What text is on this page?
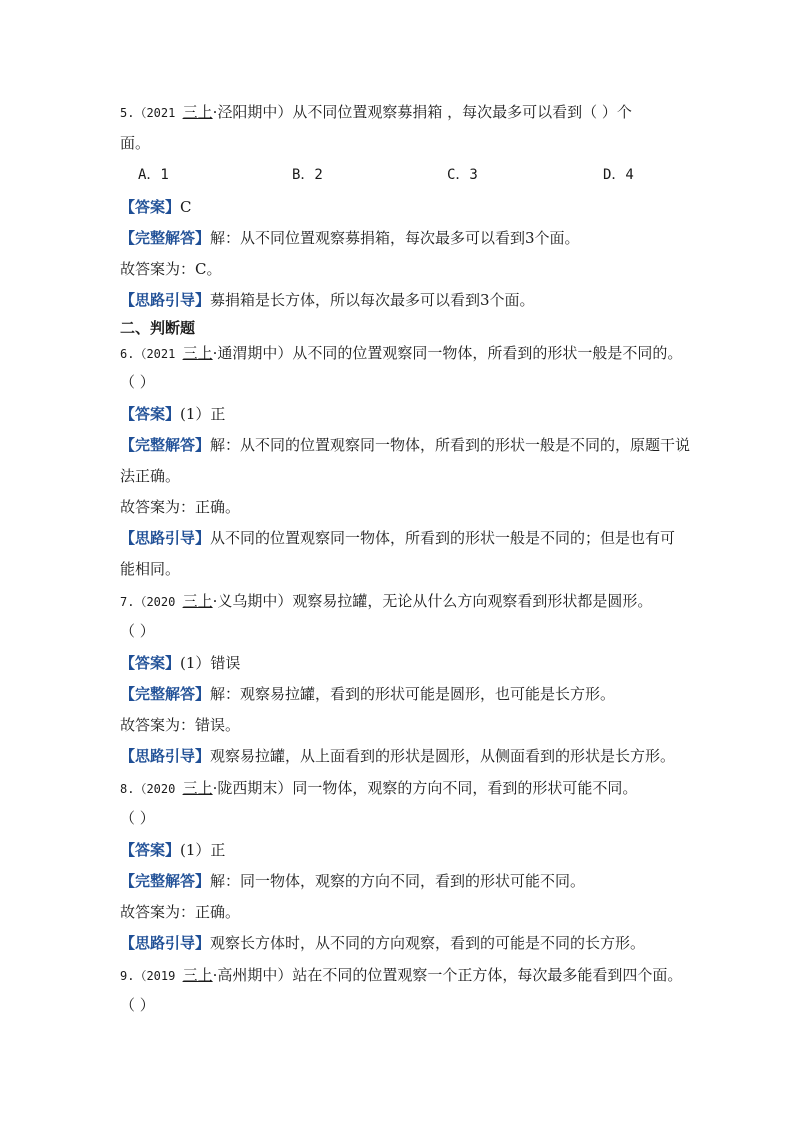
5.（2021 三上·泾阳期中）从不同位置观察募捐箱 ，每次最多可以看到（ ）个
面。
A．1	B．2	C．3	D．4
【答案】C
【完整解答】解：从不同位置观察募捐箱，每次最多可以看到3个面。
故答案为：C。
【思路引导】募捐箱是长方体，所以每次最多可以看到3个面。
二、判断题
6.（2021 三上·通渭期中）从不同的位置观察同一物体，所看到的形状一般是不同的。
（ ）
【答案】(1）正
【完整解答】解：从不同的位置观察同一物体，所看到的形状一般是不同的，原题干说
法正确。
故答案为：正确。
【思路引导】从不同的位置观察同一物体，所看到的形状一般是不同的；但是也有可
能相同。
7.（2020 三上·义乌期中）观察易拉罐，无论从什么方向观察看到形状都是圆形。
（ ）
【答案】(1）错误
【完整解答】解：观察易拉罐，看到的形状可能是圆形，也可能是长方形。
故答案为：错误。
【思路引导】观察易拉罐，从上面看到的形状是圆形，从侧面看到的形状是长方形。
8.（2020 三上·陇西期末）同一物体，观察的方向不同，看到的形状可能不同。
（ ）
【答案】(1）正
【完整解答】解：同一物体，观察的方向不同，看到的形状可能不同。
故答案为：正确。
【思路引导】观察长方体时，从不同的方向观察，看到的可能是不同的长方形。
9.（2019 三上·高州期中）站在不同的位置观察一个正方体，每次最多能看到四个面。
（ ）
